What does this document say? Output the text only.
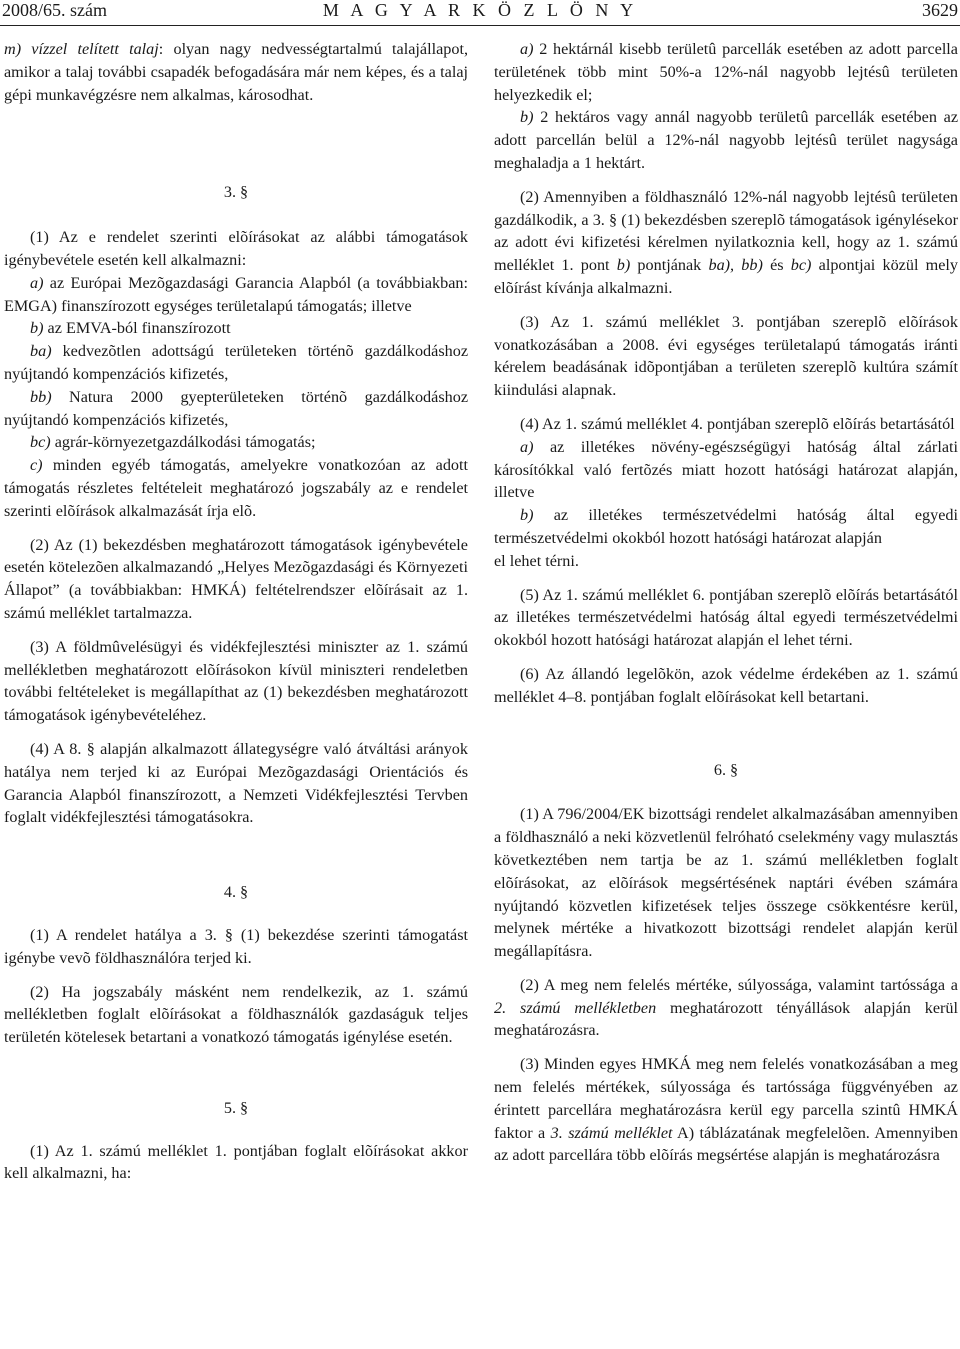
2008/65. szám	M A G Y A R K Ö Z L Ö N Y	3629

m) vízzel telített talaj: olyan nagy nedvességtartalmú talajállapot, amikor a talaj további csapadék befogadására már nem képes, és a talaj gépi munkavégzésre nem alkalmas, károsodhat.

3. §

(1) Az e rendelet szerinti elõírásokat az alábbi támogatások igénybevétele esetén kell alkalmazni:

a) az Európai Mezõgazdasági Garancia Alapból (a továbbiakban: EMGA) finanszírozott egységes területalapú támogatás; illetve

b) az EMVA-ból finanszírozott

ba) kedvezõtlen adottságú területeken történõ gazdálkodáshoz nyújtandó kompenzációs kifizetés,

bb) Natura 2000 gyepterületeken történõ gazdálkodáshoz nyújtandó kompenzációs kifizetés,

bc) agrár-környezetgazdálkodási támogatás;

c) minden egyéb támogatás, amelyekre vonatkozóan az adott támogatás részletes feltételeit meghatározó jogszabály az e rendelet szerinti elõírások alkalmazását írja elõ.

(2) Az (1) bekezdésben meghatározott támogatások igénybevétele esetén kötelezõen alkalmazandó „Helyes Mezõgazdasági és Környezeti Állapot” (a továbbiakban: HMKÁ) feltételrendszer elõírásait az 1. számú melléklet tartalmazza.

(3) A földmûvelésügyi és vidékfejlesztési miniszter az 1. számú mellékletben meghatározott elõírásokon kívül miniszteri rendeletben további feltételeket is megállapíthat az (1) bekezdésben meghatározott támogatások igénybevételéhez.

(4) A 8. § alapján alkalmazott állategységre való átváltási arányok hatálya nem terjed ki az Európai Mezõgazdasági Orientációs és Garancia Alapból finanszírozott, a Nemzeti Vidékfejlesztési Tervben foglalt vidékfejlesztési támogatásokra.

4. §

(1) A rendelet hatálya a 3. § (1) bekezdése szerinti támogatást igénybe vevõ földhasználóra terjed ki.

(2) Ha jogszabály másként nem rendelkezik, az 1. számú mellékletben foglalt elõírásokat a földhasználók gazdaságuk teljes területén kötelesek betartani a vonatkozó támogatás igénylése esetén.

5. §

(1) Az 1. számú melléklet 1. pontjában foglalt elõírásokat akkor kell alkalmazni, ha:

a) 2 hektárnál kisebb területû parcellák esetében az adott parcella területének több mint 50%-a 12%-nál nagyobb lejtésû területen helyezkedik el;

b) 2 hektáros vagy annál nagyobb területû parcellák esetében az adott parcellán belül a 12%-nál nagyobb lejtésû terület nagysága meghaladja a 1 hektárt.

(2) Amennyiben a földhasználó 12%-nál nagyobb lejtésû területen gazdálkodik, a 3. § (1) bekezdésben szereplõ támogatások igénylésekor az adott évi kifizetési kérelmen nyilatkoznia kell, hogy az 1. számú melléklet 1. pont b) pontjának ba), bb) és bc) alpontjai közül mely elõírást kívánja alkalmazni.

(3) Az 1. számú melléklet 3. pontjában szereplõ elõírások vonatkozásában a 2008. évi egységes területalapú támogatás iránti kérelem beadásának idõpontjában a területen szereplõ kultúra számít kiindulási alapnak.

(4) Az 1. számú melléklet 4. pontjában szereplõ elõírás betartásától

a) az illetékes növény-egészségügyi hatóság által zárlati károsítókkal való fertõzés miatt hozott hatósági határozat alapján, illetve

b) az illetékes természetvédelmi hatóság által egyedi természetvédelmi okokból hozott hatósági határozat alapján

el lehet térni.

(5) Az 1. számú melléklet 6. pontjában szereplõ elõírás betartásától az illetékes természetvédelmi hatóság által egyedi természetvédelmi okokból hozott hatósági határozat alapján el lehet térni.

(6) Az állandó legelõkön, azok védelme érdekében az 1. számú melléklet 4–8. pontjában foglalt elõírásokat kell betartani.

6. §

(1) A 796/2004/EK bizottsági rendelet alkalmazásában amennyiben a földhasználó a neki közvetlenül felróható cselekmény vagy mulasztás következtében nem tartja be az 1. számú mellékletben foglalt elõírásokat, az elõírások megsértésének naptári évében számára nyújtandó közvetlen kifizetések teljes összege csökkentésre kerül, melynek mértéke a hivatkozott bizottsági rendelet alapján kerül megállapításra.

(2) A meg nem felelés mértéke, súlyossága, valamint tartóssága a 2. számú mellékletben meghatározott tényállások alapján kerül meghatározásra.

(3) Minden egyes HMKÁ meg nem felelés vonatkozásában a meg nem felelés mértékek, súlyossága és tartóssága függvényében az érintett parcellára meghatározásra kerül egy parcella szintû HMKÁ faktor a 3. számú melléklet A) táblázatának megfelelõen. Amennyiben az adott parcellára több elõírás megsértése alapján is meghatározásra
